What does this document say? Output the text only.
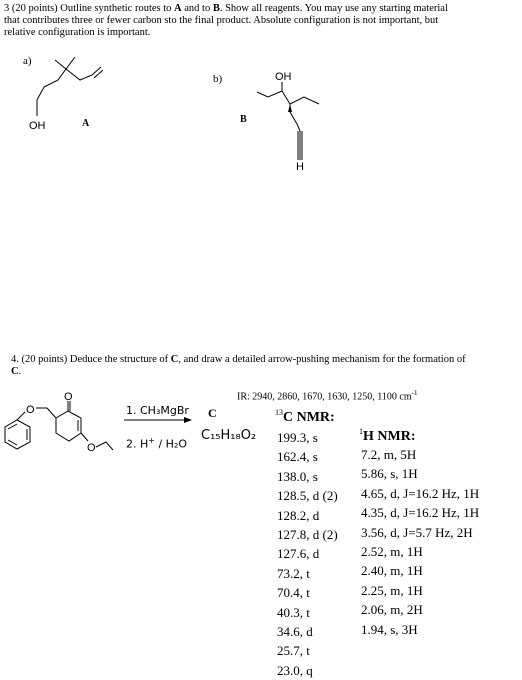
3 (20 points) Outline synthetic routes to A and to B. Show all reagents. You may use any starting material
that contributes three or fewer carbon sto the final product. Absolute configuration is not important, but
relative configuration is important.
a)
b)
OH	A
OH
H
B
4. (20 points) Deduce the structure of C, and draw a detailed arrow-pushing mechanism for the formation of
C.
O
O
O
1. CH₃MgBr
2. H+ / H₂O
C
C₁₅H₁₈O₂
IR: 2940, 2860, 1670, 1630, 1250, 1100 $cm^{-1}$
$^{13}$C NMR:
199.3, s
162.4, s
138.0, s
128.5, d (2)
128.2, d
127.8, d (2)
127.6, d
73.2, t
70.4, t
40.3, t
34.6, d
25.7, t
23.0, q
$^1$H NMR:
7.2, m, 5H
5.86, s, 1H
4.65, d, J=16.2 Hz, 1H
4.35, d, J=16.2 Hz, 1H
3.56, d, J=5.7 Hz, 2H
2.52, m, 1H
2.40, m, 1H
2.25, m, 1H
2.06, m, 2H
1.94, s, 3H
